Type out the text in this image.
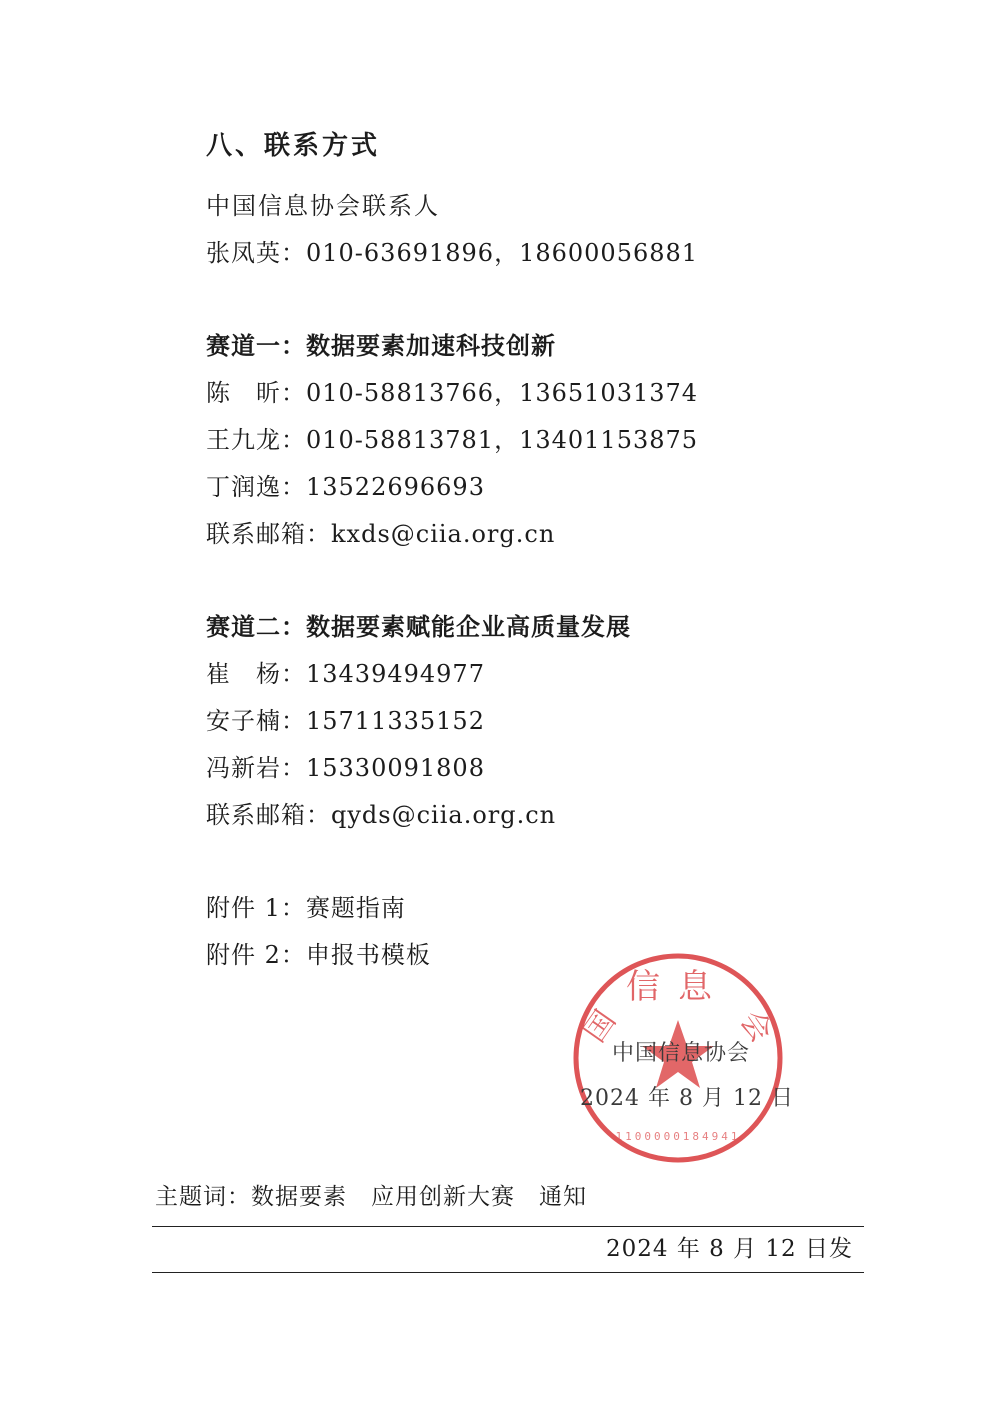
八、联系方式
中国信息协会联系人
张凤英：010-63691896，18600056881
赛道一：数据要素加速科技创新
陈　昕：010-58813766，13651031374
王九龙：010-58813781，13401153875
丁润逸：13522696693
联系邮箱：kxds@ciia.org.cn
赛道二：数据要素赋能企业高质量发展
崔　杨：13439494977
安子楠：15711335152
冯新岩：15330091808
联系邮箱：qyds@ciia.org.cn
附件 1：赛题指南
附件 2：申报书模板
信息
国	会
1100000184941
中国信息协会
2024 年 8 月 12 日
主题词：数据要素　应用创新大赛　通知
2024 年 8 月 12 日发
